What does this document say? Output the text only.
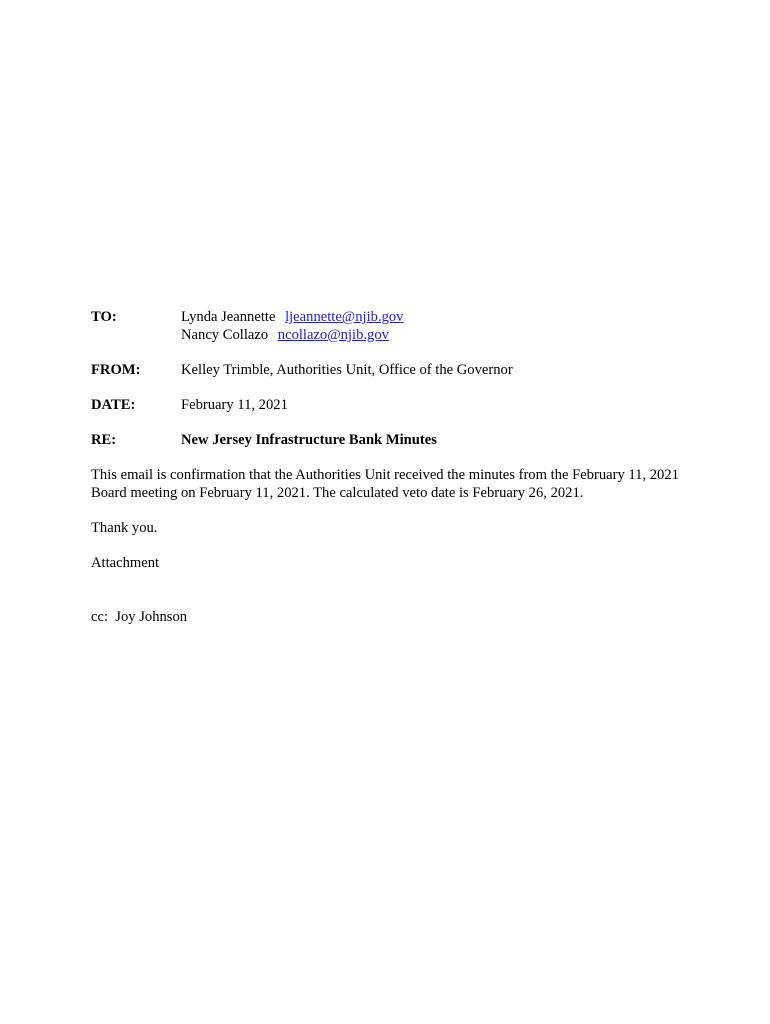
TO:	Lynda Jeannette ljeannette@njib.gov
Nancy Collazo ncollazo@njib.gov
FROM:	Kelley Trimble, Authorities Unit, Office of the Governor
DATE:	February 11, 2021
RE:	New Jersey Infrastructure Bank Minutes

This email is confirmation that the Authorities Unit received the minutes from the February 11, 2021 Board meeting on February 11, 2021. The calculated veto date is February 26, 2021.

Thank you.

Attachment

cc:  Joy Johnson
